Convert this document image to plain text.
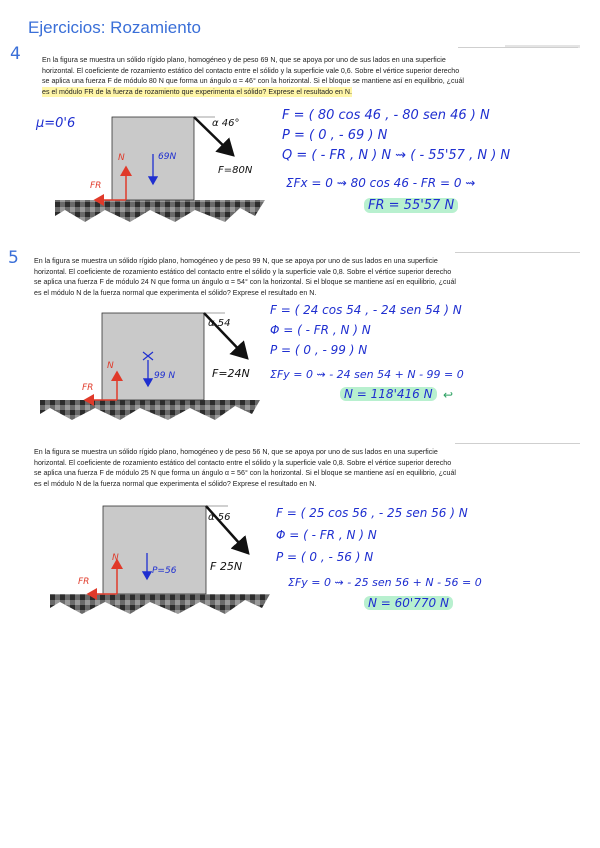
Ejercicios: Rozamiento
4	En la figura se muestra un sólido rígido plano, homogéneo y de peso 69 N, que se apoya por uno de sus lados en una superficie

horizontal. El coeficiente de rozamiento estático del contacto entre el sólido y la superficie vale 0,6. Sobre el vértice superior derecho

se aplica una fuerza F de módulo 80 N que forma un ángulo α = 46° con la horizontal. Si el bloque se mantiene así en equilibrio, ¿cuál

es el módulo FR de la fuerza de rozamiento que experimenta el sólido? Exprese el resultado en N.

μ=0'6	α 46°
F=80N
69N
N
FR
F = ( 80 cos 46 , - 80 sen 46 ) N
P = ( 0 , - 69 ) N
Q = ( - FR , N ) N ⇝ ( - 55'57 , N ) N
ΣFx = 0 ⇝ 80 cos 46 - FR = 0 ⇝
FR = 55'57 N
5 En la figura se muestra un sólido rígido plano, homogéneo y de peso 99 N, que se apoya por uno de sus lados en una superficie

horizontal. El coeficiente de rozamiento estático del contacto entre el sólido y la superficie vale 0,8. Sobre el vértice superior derecho

se aplica una fuerza F de módulo 24 N que forma un ángulo α = 54° con la horizontal. Si el bloque se mantiene así en equilibrio, ¿cuál

es el módulo N de la fuerza normal que experimenta el sólido? Exprese el resultado en N.

α 54
F=24N
99 N
N
FR
F = ( 24 cos 54 , - 24 sen 54 ) N
Φ = ( - FR , N ) N
P = ( 0 , - 99 ) N
ΣFy = 0 ⇝ - 24 sen 54 + N - 99 = 0
N = 118'416 N ↩

En la figura se muestra un sólido rígido plano, homogéneo y de peso 56 N, que se apoya por uno de sus lados en una superficie

horizontal. El coeficiente de rozamiento estático del contacto entre el sólido y la superficie vale 0,8. Sobre el vértice superior derecho

se aplica una fuerza F de módulo 25 N que forma un ángulo α = 56° con la horizontal. Si el bloque se mantiene así en equilibrio, ¿cuál

es el módulo N de la fuerza normal que experimenta el sólido? Exprese el resultado en N.

α 56
F 25N
P=56
N
FR
F = ( 25 cos 56 , - 25 sen 56 ) N
Φ = ( - FR , N ) N
P = ( 0 , - 56 ) N
ΣFy = 0 ⇝ - 25 sen 56 + N - 56 = 0
N = 60'770 N
